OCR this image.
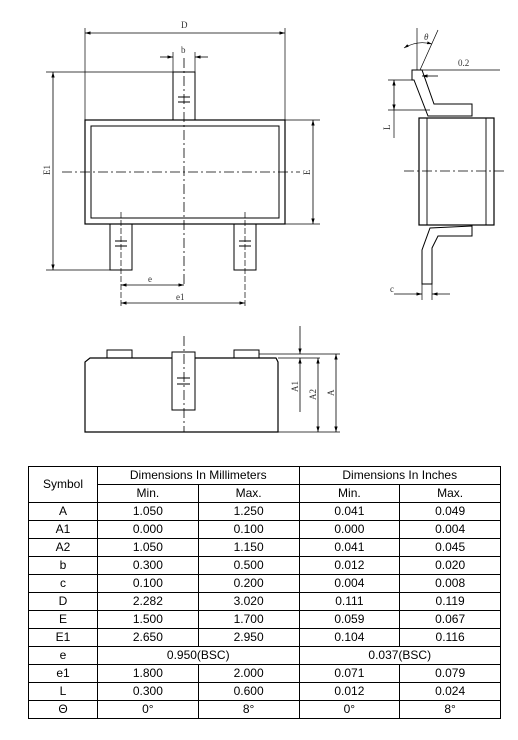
D
b
E1	E
e
e1
θ
0.2
L
c
A1
A2 A
Symbol	Dimensions In Millimeters		Dimensions In Inches	
	Min.	Max.	Min.	Max.
A	1.050	1.250	0.041	0.049
A1	0.000	0.100	0.000	0.004
A2	1.050	1.150	0.041	0.045
b	0.300	0.500	0.012	0.020
c	0.100	0.200	0.004	0.008
D	2.282	3.020	0.111	0.119
E	1.500	1.700	0.059	0.067
E1	2.650	2.950	0.104	0.116
e	0.950(BSC)		0.037(BSC)	
e1	1.800	2.000	0.071	0.079
L	0.300	0.600	0.012	0.024
Θ	0°	8°	0°	8°
